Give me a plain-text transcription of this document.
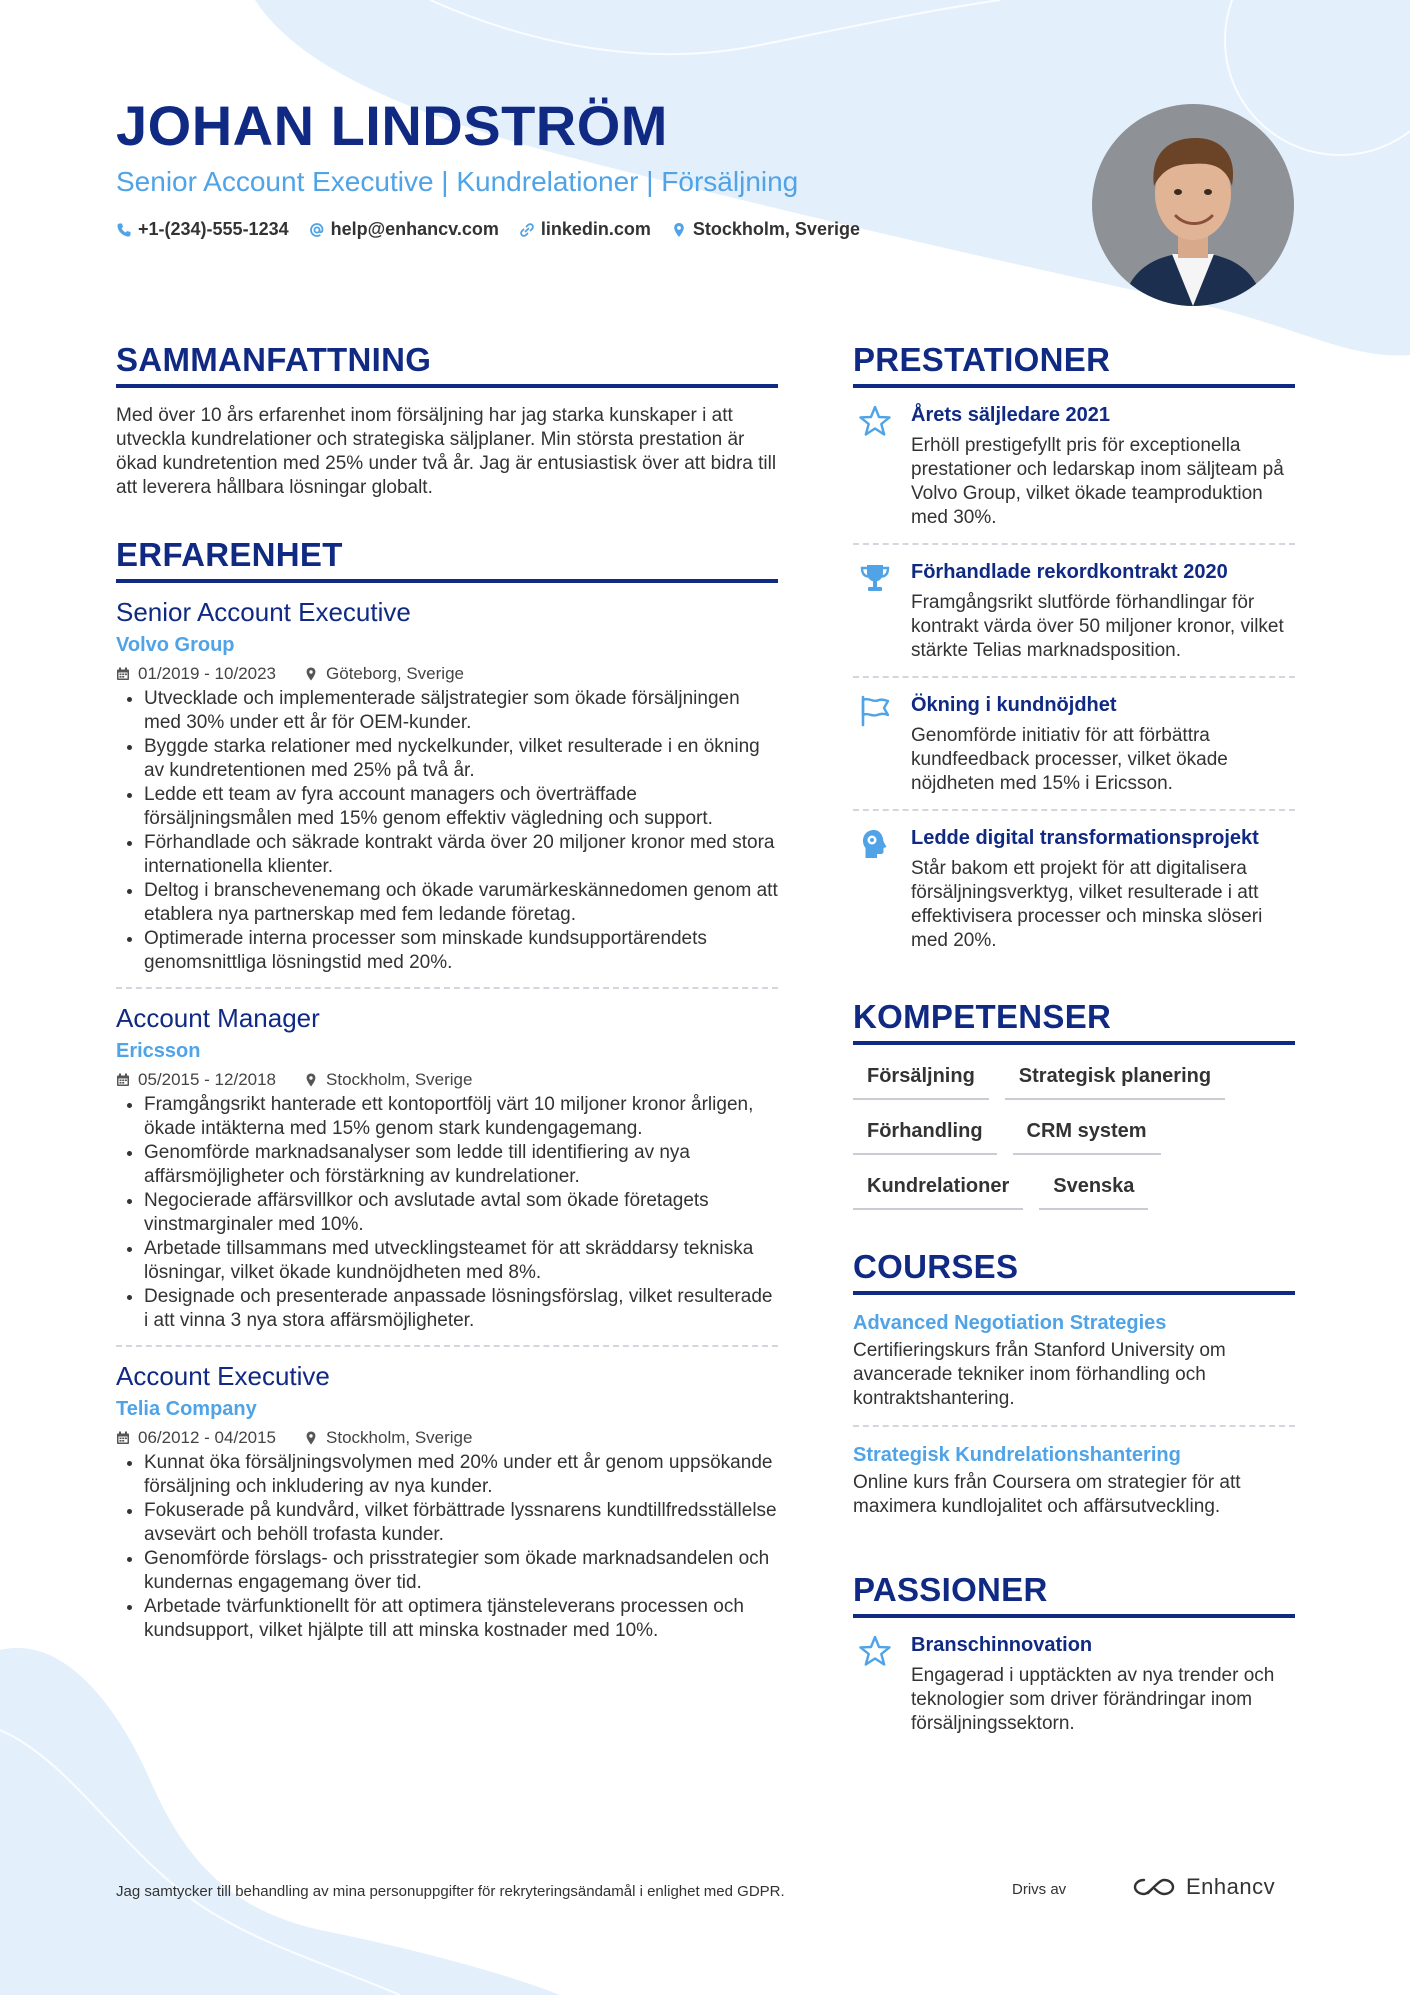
JOHAN LINDSTRÖM
Senior Account Executive | Kundrelationer | Försäljning
+1-(234)-555-1234 help@enhancv.com linkedin.com Stockholm, Sverige
SAMMANFATTNING

Med över 10 års erfarenhet inom försäljning har jag starka kunskaper i att utveckla kundrelationer och strategiska säljplaner. Min största prestation är ökad kundretention med 25% under två år. Jag är entusiastisk över att bidra till att leverera hållbara lösningar globalt.

ERFARENHET
Senior Account Executive
Volvo Group
01/2019 - 10/2023	Göteborg, Sverige
• Utvecklade och implementerade säljstrategier som ökade försäljningen med 30% under ett år för OEM-kunder.
• Byggde starka relationer med nyckelkunder, vilket resulterade i en ökning av kundretentionen med 25% på två år.
• Ledde ett team av fyra account managers och överträffade försäljningsmålen med 15% genom effektiv vägledning och support.
• Förhandlade och säkrade kontrakt värda över 20 miljoner kronor med stora internationella klienter.
• Deltog i branschevenemang och ökade varumärkeskännedomen genom att etablera nya partnerskap med fem ledande företag.
• Optimerade interna processer som minskade kundsupportärendets genomsnittliga lösningstid med 20%.
Account Manager
Ericsson
05/2015 - 12/2018	Stockholm, Sverige
• Framgångsrikt hanterade ett kontoportfölj värt 10 miljoner kronor årligen, ökade intäkterna med 15% genom stark kundengagemang.
• Genomförde marknadsanalyser som ledde till identifiering av nya affärsmöjligheter och förstärkning av kundrelationer.
• Negocierade affärsvillkor och avslutade avtal som ökade företagets vinstmarginaler med 10%.
• Arbetade tillsammans med utvecklingsteamet för att skräddarsy tekniska lösningar, vilket ökade kundnöjdheten med 8%.
• Designade och presenterade anpassade lösningsförslag, vilket resulterade i att vinna 3 nya stora affärsmöjligheter.
Account Executive
Telia Company
06/2012 - 04/2015	Stockholm, Sverige
• Kunnat öka försäljningsvolymen med 20% under ett år genom uppsökande försäljning och inkludering av nya kunder.
• Fokuserade på kundvård, vilket förbättrade lyssnarens kundtillfredsställelse avsevärt och behöll trofasta kunder.
• Genomförde förslags- och prisstrategier som ökade marknadsandelen och kundernas engagemang över tid.
• Arbetade tvärfunktionellt för att optimera tjänsteleverans processen och kundsupport, vilket hjälpte till att minska kostnader med 10%.
PRESTATIONER
Årets säljledare 2021
Erhöll prestigefyllt pris för exceptionella prestationer och ledarskap inom säljteam på Volvo Group, vilket ökade teamproduktion med 30%.
Förhandlade rekordkontrakt 2020
Framgångsrikt slutförde förhandlingar för kontrakt värda över 50 miljoner kronor, vilket stärkte Telias marknadsposition.
Ökning i kundnöjdhet
Genomförde initiativ för att förbättra kundfeedback processer, vilket ökade nöjdheten med 15% i Ericsson.
Ledde digital transformationsprojekt
Står bakom ett projekt för att digitalisera försäljningsverktyg, vilket resulterade i att effektivisera processer och minska slöseri med 20%.
KOMPETENSER
Försäljning	Strategisk planering
Förhandling	CRM system
Kundrelationer	Svenska
COURSES
Advanced Negotiation Strategies
Certifieringskurs från Stanford University om avancerade tekniker inom förhandling och kontraktshantering.
Strategisk Kundrelationshantering
Online kurs från Coursera om strategier för att maximera kundlojalitet och affärsutveckling.
PASSIONER
Branschinnovation
Engagerad i upptäckten av nya trender och teknologier som driver förändringar inom försäljningssektorn.
Jag samtycker till behandling av mina personuppgifter för rekryteringsändamål i enlighet med GDPR.	Drivs av	Enhancv
